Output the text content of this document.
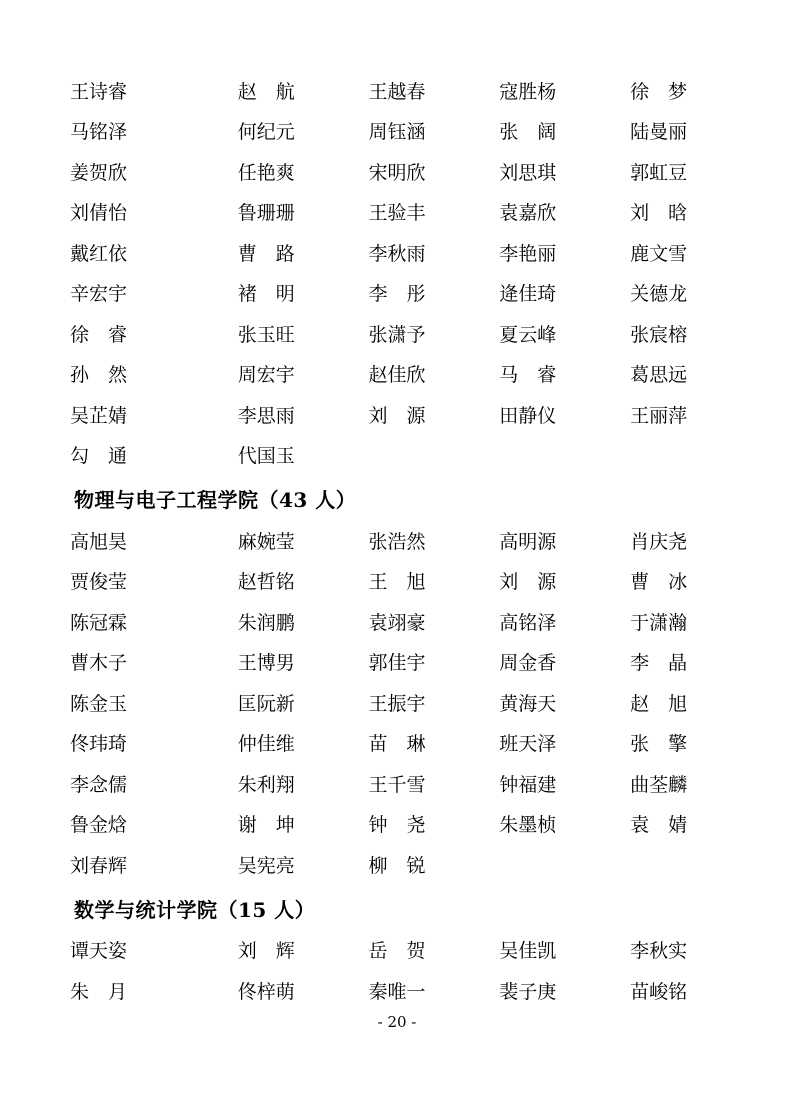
王诗睿	赵　航	王越春	寇胜杨	徐　梦
马铭泽	何纪元	周钰涵	张　阔	陆曼丽
姜贺欣	任艳爽	宋明欣	刘思琪	郭虹豆
刘倩怡	鲁珊珊	王验丰	袁嘉欣	刘　晗
戴红依	曹　路	李秋雨	李艳丽	鹿文雪
辛宏宇	褚　明	李　彤	逄佳琦	关德龙
徐　睿	张玉旺	张潇予	夏云峰	张宸榕
孙　然	周宏宇	赵佳欣	马　睿	葛思远
吴芷婧	李思雨	刘　源	田静仪	王丽萍
勾　通	代国玉			
物理与电子工程学院（43 人）
高旭昊	麻婉莹	张浩然	高明源	肖庆尧
贾俊莹	赵哲铭	王　旭	刘　源	曹　冰
陈冠霖	朱润鹏	袁翊豪	高铭泽	于潇瀚
曹木子	王博男	郭佳宇	周金香	李　晶
陈金玉	匡阮新	王振宇	黄海天	赵　旭
佟玮琦	仲佳维	苗　琳	班天泽	张　擎
李念儒	朱利翔	王千雪	钟福建	曲荃麟
鲁金焓	谢　坤	钟　尧	朱墨桢	袁　婧
刘春辉	吴宪亮	柳　锐		
数学与统计学院（15 人）
谭天姿	刘　辉	岳　贺	吴佳凯	李秋实
朱　月	佟梓萌	秦唯一	裴子庚	苗峻铭
- 20 -
